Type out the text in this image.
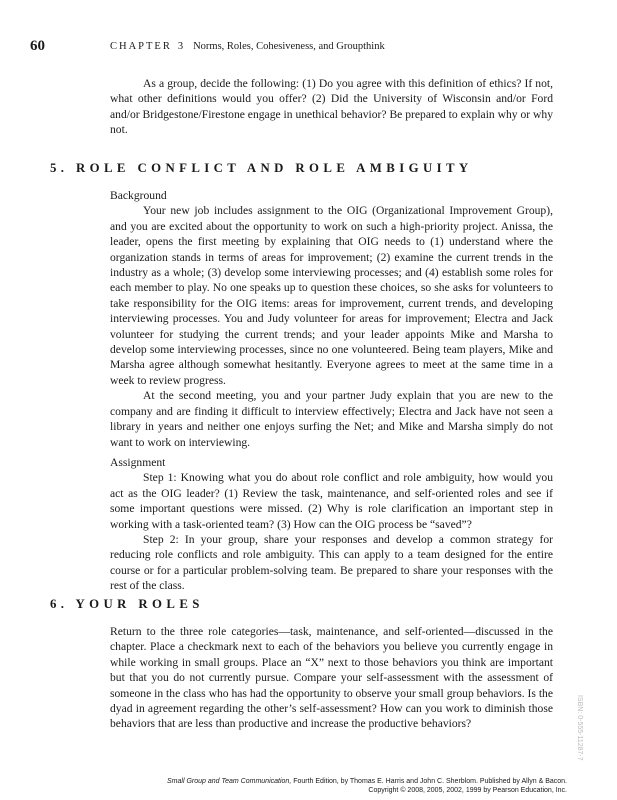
60	CHAPTER 3 Norms, Roles, Cohesiveness, and Groupthink

As a group, decide the following: (1) Do you agree with this definition of ethics? If not, what other definitions would you offer? (2) Did the University of Wisconsin and/or Ford and/or Bridgestone/Firestone engage in unethical behavior? Be prepared to explain why or why not.

5. ROLE CONFLICT AND ROLE AMBIGUITY

Background

Your new job includes assignment to the OIG (Organizational Improvement Group), and you are excited about the opportunity to work on such a high-priority project. Anissa, the leader, opens the first meeting by explaining that OIG needs to (1) understand where the organization stands in terms of areas for improvement; (2) examine the current trends in the industry as a whole; (3) develop some interviewing processes; and (4) establish some roles for each member to play. No one speaks up to question these choices, so she asks for volunteers to take responsibility for the OIG items: areas for improvement, current trends, and developing interviewing processes. You and Judy volunteer for areas for improvement; Electra and Jack volunteer for studying the current trends; and your leader appoints Mike and Marsha to develop some interviewing processes, since no one volunteered. Being team players, Mike and Marsha agree although somewhat hesitantly. Everyone agrees to meet at the same time in a week to review progress.

At the second meeting, you and your partner Judy explain that you are new to the company and are finding it difficult to interview effectively; Electra and Jack have not seen a library in years and neither one enjoys surfing the Net; and Mike and Marsha simply do not want to work on interviewing.

Assignment

Step 1: Knowing what you do about role conflict and role ambiguity, how would you act as the OIG leader? (1) Review the task, maintenance, and self-oriented roles and see if some important questions were missed. (2) Why is role clarification an important step in working with a task-oriented team? (3) How can the OIG process be “saved”?

Step 2: In your group, share your responses and develop a common strategy for reducing role conflicts and role ambiguity. This can apply to a team designed for the entire course or for a particular problem-solving team. Be prepared to share your responses with the rest of the class.

6. YOUR ROLES

Return to the three role categories—task, maintenance, and self-oriented—discussed in the chapter. Place a checkmark next to each of the behaviors you believe you currently engage in while working in small groups. Place an “X” next to those behaviors you think are important but that you do not currently pursue. Compare your self-assessment with the assessment of someone in the class who has had the opportunity to observe your small group behaviors. Is the dyad in agreement regarding the other’s self-assessment? How can you work to diminish those behaviors that are less than productive and increase the productive behaviors?	ISBN: 0-555-11287-7
Small Group and Team Communication, Fourth Edition, by Thomas E. Harris and John C. Sherblom. Published by Allyn & Bacon.
Copyright © 2008, 2005, 2002, 1999 by Pearson Education, Inc.
